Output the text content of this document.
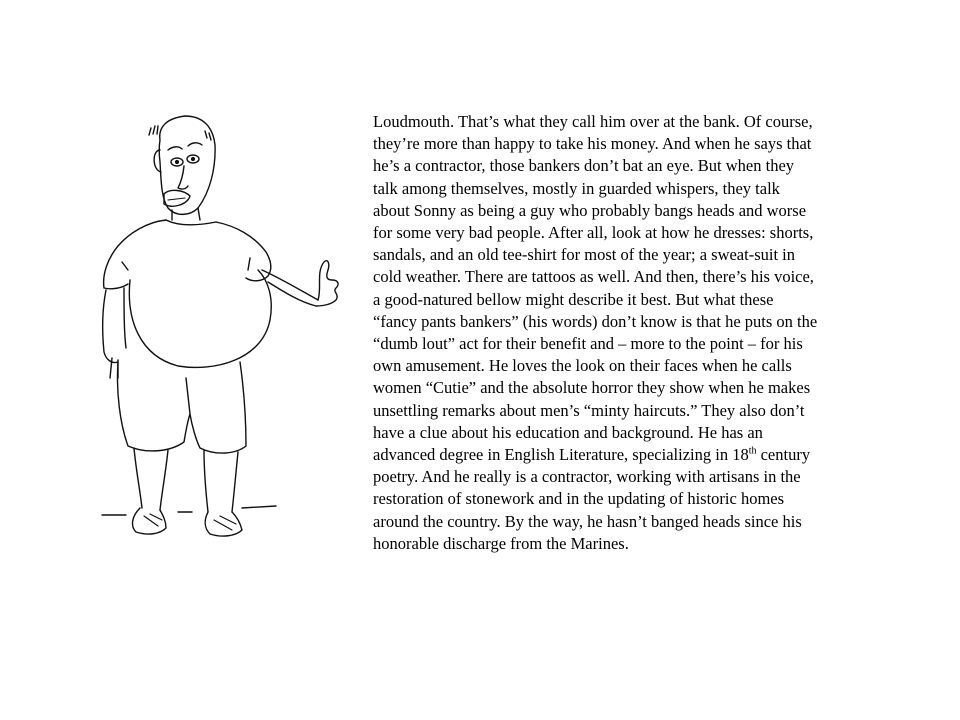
Loudmouth. That’s what they call him over at the bank. Of course,
they’re more than happy to take his money. And when he says that
he’s a contractor, those bankers don’t bat an eye. But when they
talk among themselves, mostly in guarded whispers, they talk
about Sonny as being a guy who probably bangs heads and worse
for some very bad people. After all, look at how he dresses: shorts,
sandals, and an old tee-shirt for most of the year; a sweat-suit in
cold weather. There are tattoos as well. And then, there’s his voice,
a good-natured bellow might describe it best. But what these
“fancy pants bankers” (his words) don’t know is that he puts on the
“dumb lout” act for their benefit and – more to the point – for his
own amusement. He loves the look on their faces when he calls
women “Cutie” and the absolute horror they show when he makes
unsettling remarks about men’s “minty haircuts.” They also don’t
have a clue about his education and background. He has an
advanced degree in English Literature, specializing in 18th century
poetry. And he really is a contractor, working with artisans in the
restoration of stonework and in the updating of historic homes
around the country. By the way, he hasn’t banged heads since his
honorable discharge from the Marines.
